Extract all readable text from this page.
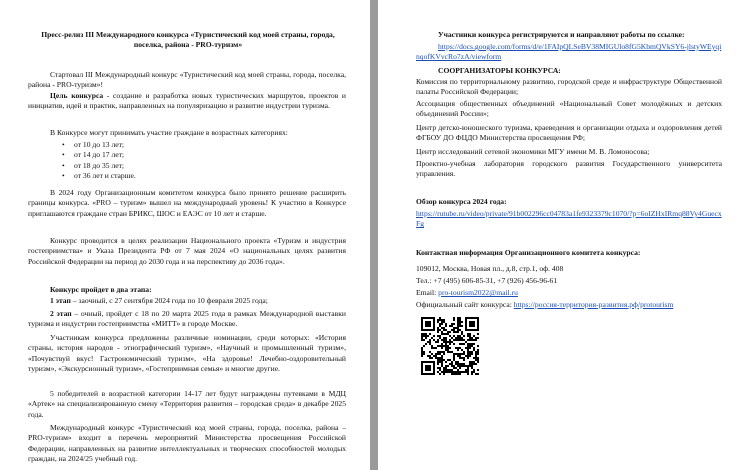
Пресс-релиз III Международного конкурса «Туристический код моей страны, города, поселка, района - PRO-туризм»

Стартовал III Международный конкурс «Туристический код моей страны, города, поселка, района - PRO-туризм»!

Цель конкурса - создание и разработка новых туристических маршрутов, проектов и инициатив, идей и практик, направленных на популяризацию и развитие индустрии туризма.

В Конкурсе могут принимать участие граждане в возрастных категориях:

• от 10 до 13 лет;
• от 14 до 17 лет;
• от 18 до 35 лет;
• от 36 лет и старше.

В 2024 году Организационным комитетом конкурса было принято решение расширить границы конкурса. «PRO – туризм» вышел на международный уровень! К участию в Конкурсе приглашаются граждане стран БРИКС, ШОС и ЕАЭС от 10 лет и старше.

Конкурс проводится в целях реализации Национального проекта «Туризм и индустрия гостеприимства» и Указа Президента РФ от 7 мая 2024 «О национальных целях развития Российской Федерации на период до 2030 года и на перспективу до 2036 года».

Конкурс пройдет в два этапа:

1 этап – заочный, с 27 сентября 2024 года по 10 февраля 2025 года;

2 этап – очный, пройдет с 18 по 20 марта 2025 года в рамках Международной выставки туризма и индустрии гостеприимства «МИТТ» в городе Москве.

Участникам конкурса предложены различные номинации, среди которых: «История страны, история народов - этнографический туризм», «Научный и промышленный туризм», «Почувствуй вкус! Гастрономический туризм», «На здоровье! Лечебно-оздоровительный туризм», «Экскурсионный туризм», «Гостеприимная семья» и многие другие.

5 победителей в возрастной категории 14-17 лет будут награждены путевками в МДЦ «Артек» на специализированную смену «Территория развития – городская среда» в декабре 2025 года.

Международный конкурс «Туристический код моей страны, города, поселка, района – PRO-туризм» входит в перечень мероприятий Министерства просвещения Российской Федерации, направленных на развитие интеллектуальных и творческих способностей молодых граждан, на 2024/25 учебный год.

Участники конкурса регистрируются и направляют работы по ссылке:

https://docs.google.com/forms/d/e/1FAIpQLSeBV38MIGUlo8fG5KbmQVkSY6-jlstyWEyqinqofKVvcRo7zA/viewform

СООРГАНИЗАТОРЫ КОНКУРСА:

Комиссия по территориальному развитию, городской среде и инфраструктуре Общественной палаты Российской Федерации;

Ассоциация общественных объединений «Национальный Совет молодёжных и детских объединений России»;

Центр детско-юношеского туризма, краеведения и организации отдыха и оздоровления детей ФГБОУ ДО ФЦДО Министерства просвещения РФ;

Центр исследований сетевой экономики МГУ имени М. В. Ломоносова;

Проектно-учебная лаборатория городского развития Государственного университета управления.

Обзор конкурса 2024 года:

https://rutube.ru/video/private/91b002296cc04783a1fe9323379c1070/?p=6oIZHxIRmq88Vy4GuecxFg

Контактная информация Организационного комитета конкурса:

109012, Москва, Новая пл., д.8, стр.1, оф. 408

Тел.: +7 (495) 606-85-31, +7 (926) 456-96-61

Email: pro-tourism2022@mail.ru

Официальный сайт конкурса: https://россия-территория-развития.рф/protourism
